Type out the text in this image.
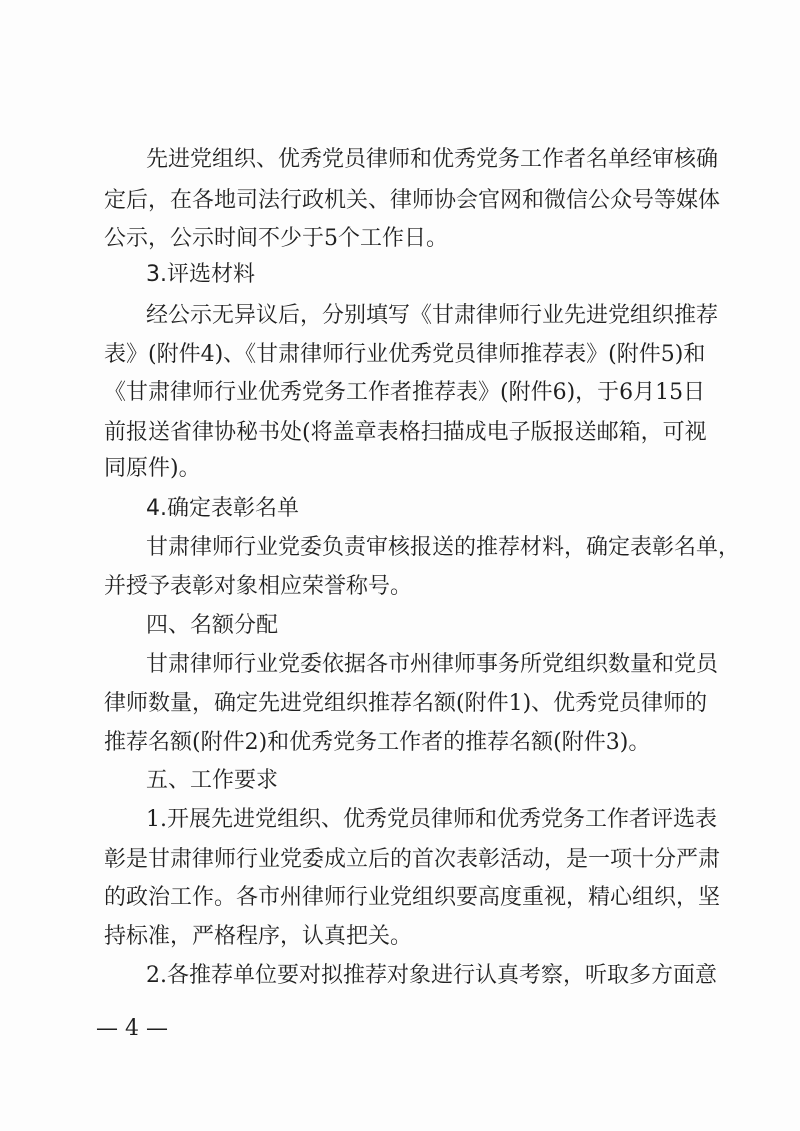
先进党组织、优秀党员律师和优秀党务工作者名单经审核确
定后，在各地司法行政机关、律师协会官网和微信公众号等媒体
公示，公示时间不少于5个工作日。
3.评选材料
经公示无异议后，分别填写《甘肃律师行业先进党组织推荐
表》(附件4)、《甘肃律师行业优秀党员律师推荐表》(附件5)和
《甘肃律师行业优秀党务工作者推荐表》(附件6)，于6月15日
前报送省律协秘书处(将盖章表格扫描成电子版报送邮箱，可视
同原件)。
4.确定表彰名单
甘肃律师行业党委负责审核报送的推荐材料，确定表彰名单，
并授予表彰对象相应荣誉称号。
四、名额分配
甘肃律师行业党委依据各市州律师事务所党组织数量和党员
律师数量，确定先进党组织推荐名额(附件1)、优秀党员律师的
推荐名额(附件2)和优秀党务工作者的推荐名额(附件3)。
五、工作要求
1.开展先进党组织、优秀党员律师和优秀党务工作者评选表
彰是甘肃律师行业党委成立后的首次表彰活动，是一项十分严肃
的政治工作。各市州律师行业党组织要高度重视，精心组织，坚
持标准，严格程序，认真把关。
2.各推荐单位要对拟推荐对象进行认真考察，听取多方面意
— 4 —
